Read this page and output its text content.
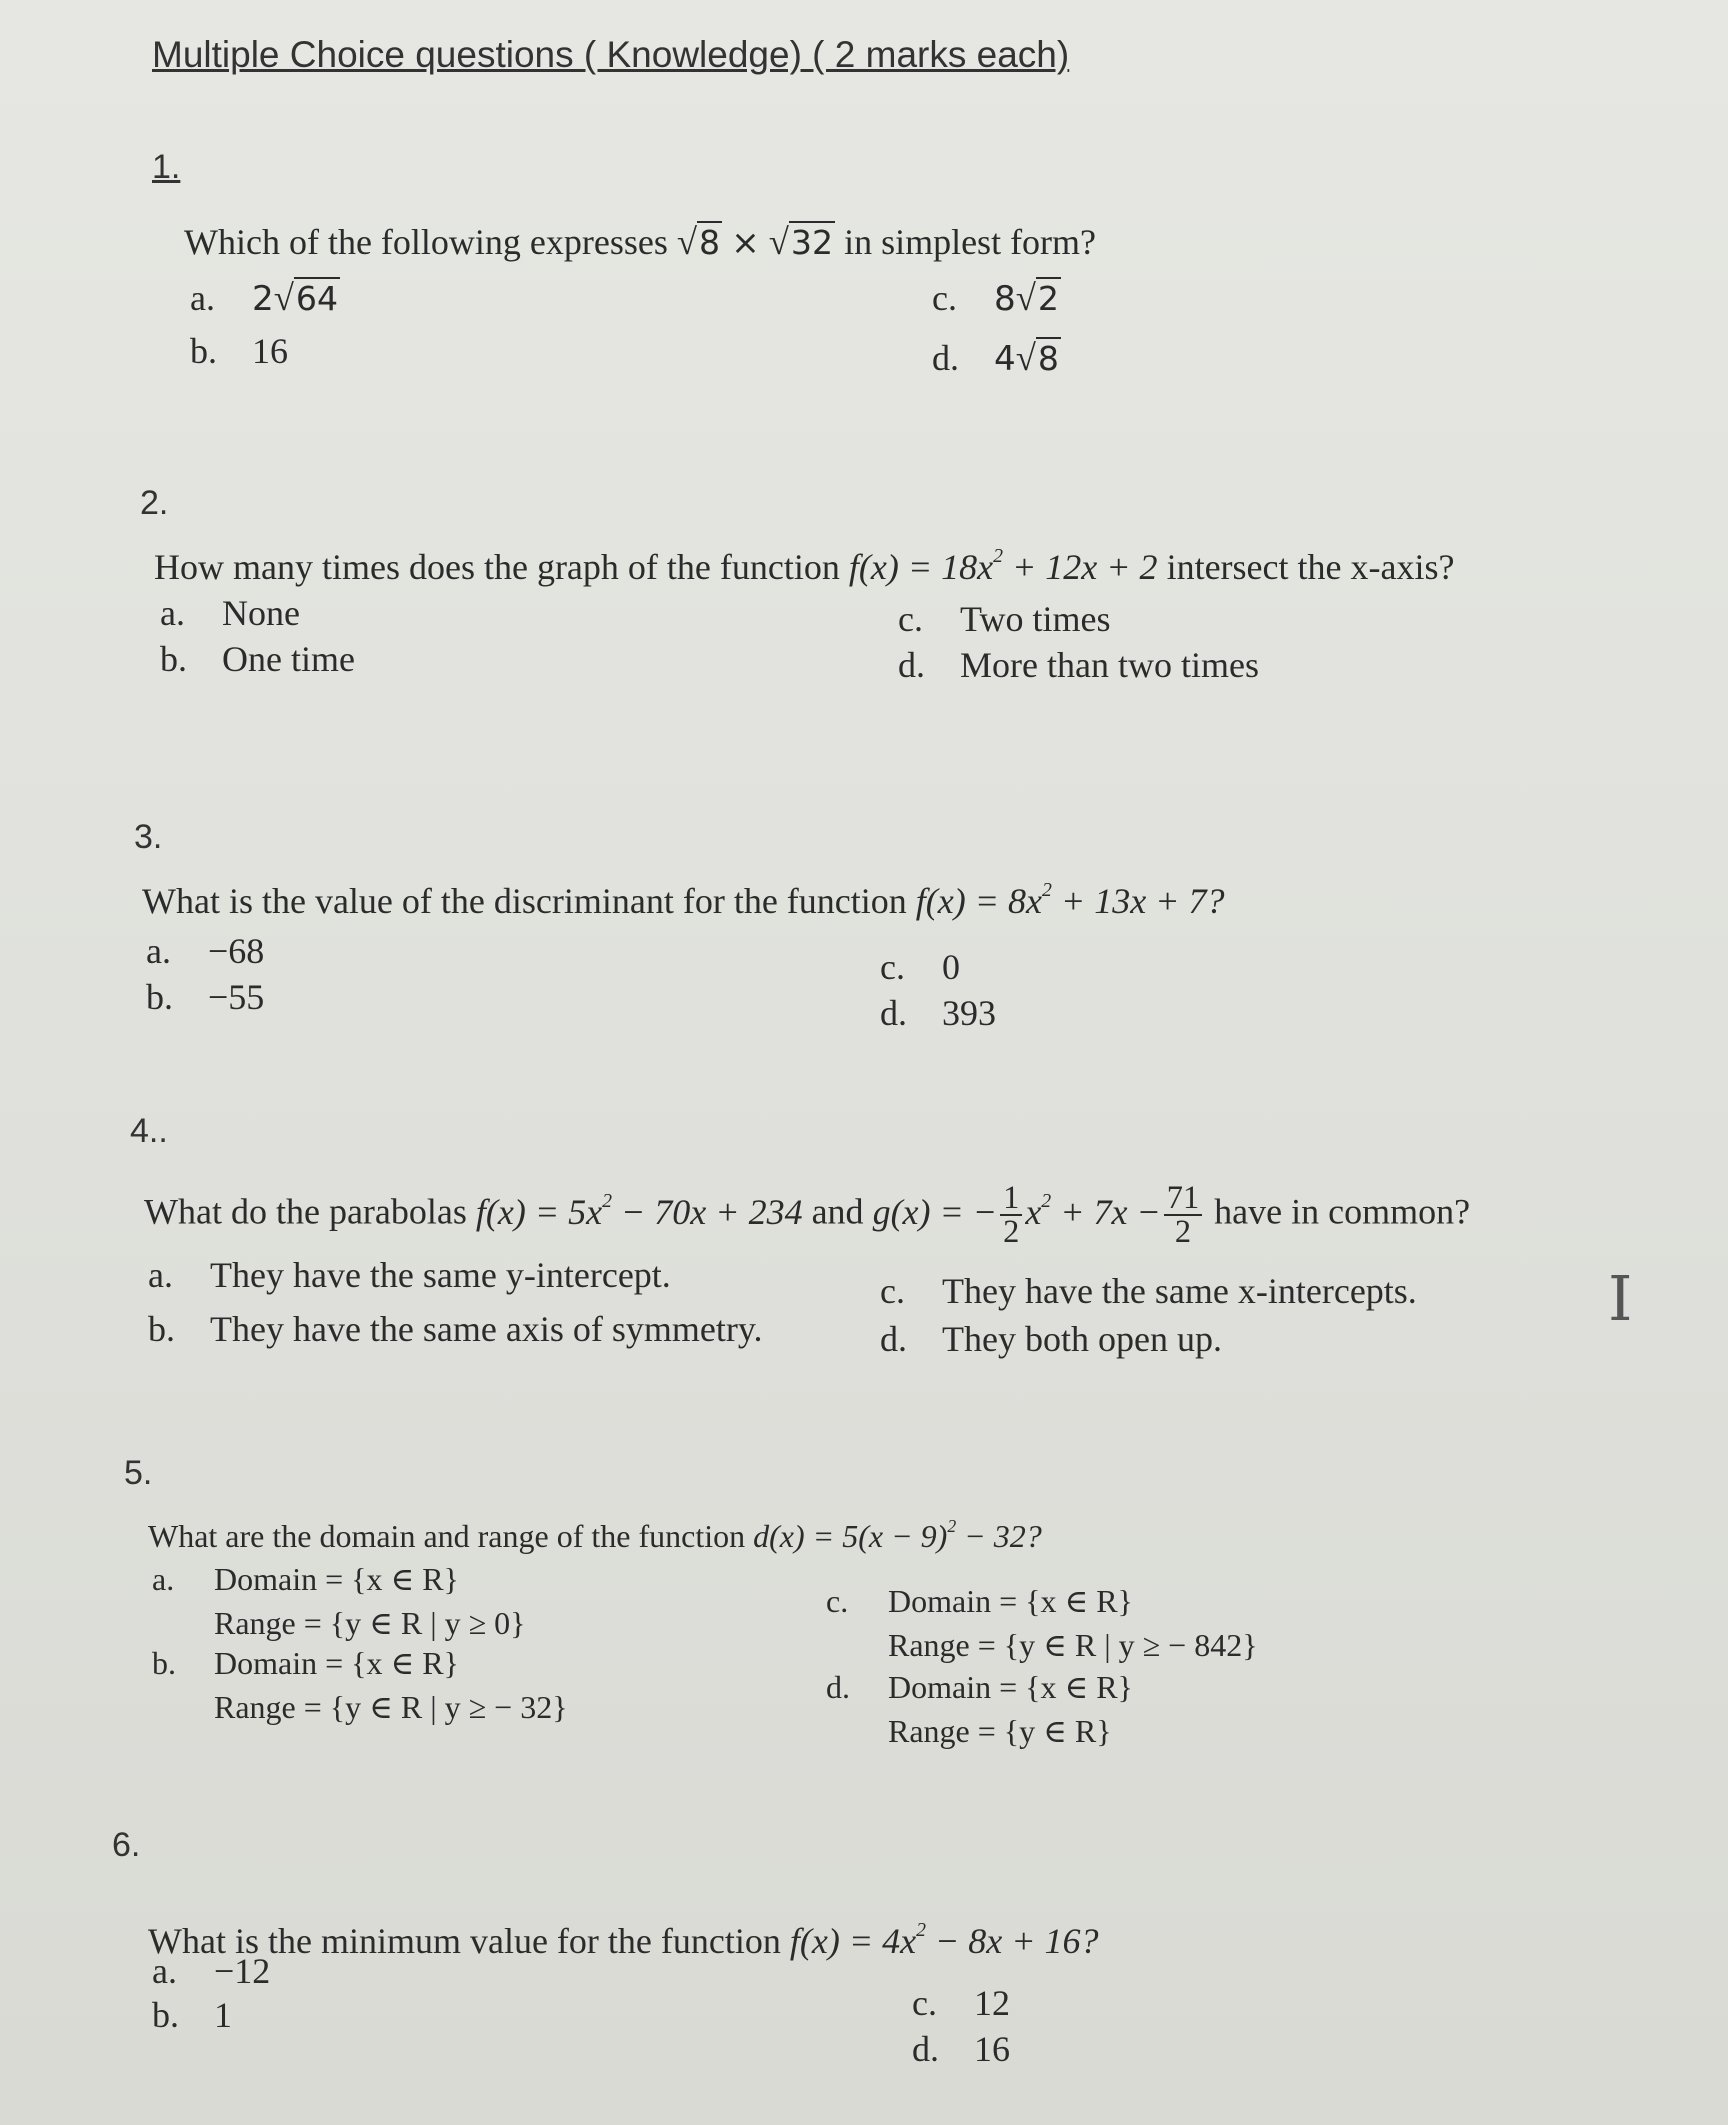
Multiple Choice questions ( Knowledge) ( 2 marks each)
1.
Which of the following expresses √8 × √32 in simplest form?
a. 2√64
b. 16
c. 8√2
d. 4√8
2.
How many times does the graph of the function $f(x) = 18x^2 + 12x + 2$ intersect the x-axis?
a. None
b. One time
c. Two times
d. More than two times
3.
What is the value of the discriminant for the function $f(x) = 8x^2 + 13x + 7$?
a. −68
b. −55
c. 0
d. 393
4..
What do the parabolas $f(x) = 5x^2 - 70x + 234$ and g(x) = − $\frac{1}{2} x^2 + 7x - \frac{71}{2}$ have in common?
a. They have the same y-intercept.
b. They have the same axis of symmetry.
c. They have the same x-intercepts.
d. They both open up.
5.
What are the domain and range of the function $d(x) = 5(x - 9)^2 - 32$?
a. Domain = {x ∈ R}
Range = {y ∈ R | y ≥ 0}
b. Domain = {x ∈ R}
Range = {y ∈ R | y ≥ − 32}
c. Domain = {x ∈ R}
Range = {y ∈ R | y ≥ − 842}
d. Domain = {x ∈ R}
Range = {y ∈ R}
6.
What is the minimum value for the function $f(x) = 4x^2 - 8x + 16$?
a. −12
b. 1	c. 12
d. 16
I
